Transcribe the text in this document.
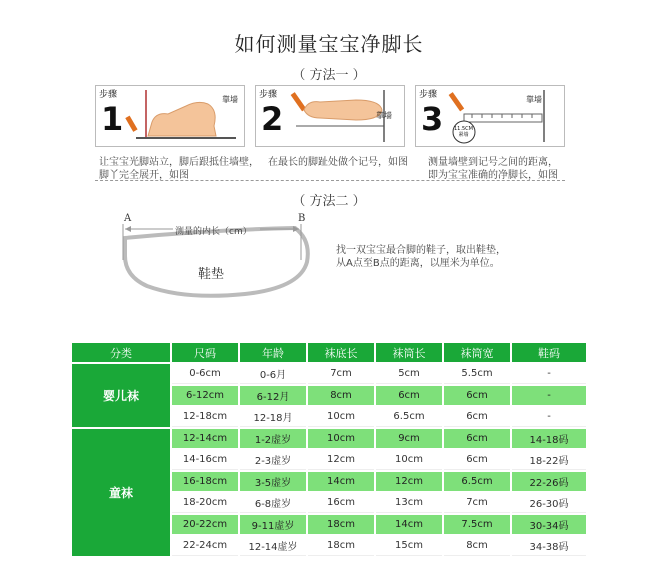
如何测量宝宝净脚长
（ 方法一 ）
步骤
1
靠墙 步骤
2	靠墙
步骤
3
靠墙
11.5CM
紧墙
让宝宝光脚站立，脚后跟抵住墙壁，
脚丫完全展开，如图
在最长的脚趾处做个记号，如图	测量墙壁到记号之间的距离，
即为宝宝准确的净脚长，如图
（ 方法二 ）
A	B
测量的内长（cm）
鞋垫
找一双宝宝最合脚的鞋子，取出鞋垫，
从A点至B点的距离，以厘米为单位。
分类	尺码	年龄	袜底长	袜筒长	袜筒宽	鞋码
婴儿袜	0-6cm	0-6月	7cm	5cm	5.5cm	-
	6-12cm	6-12月	8cm	6cm	6cm	-
	12-18cm	12-18月	10cm	6.5cm	6cm	-
童袜	12-14cm	1-2虚岁	10cm	9cm	6cm	14-18码
	14-16cm	2-3虚岁	12cm	10cm	6cm	18-22码
	16-18cm	3-5虚岁	14cm	12cm	6.5cm	22-26码
	18-20cm	6-8虚岁	16cm	13cm	7cm	26-30码
	20-22cm	9-11虚岁	18cm	14cm	7.5cm	30-34码
	22-24cm	12-14虚岁	18cm	15cm	8cm	34-38码
